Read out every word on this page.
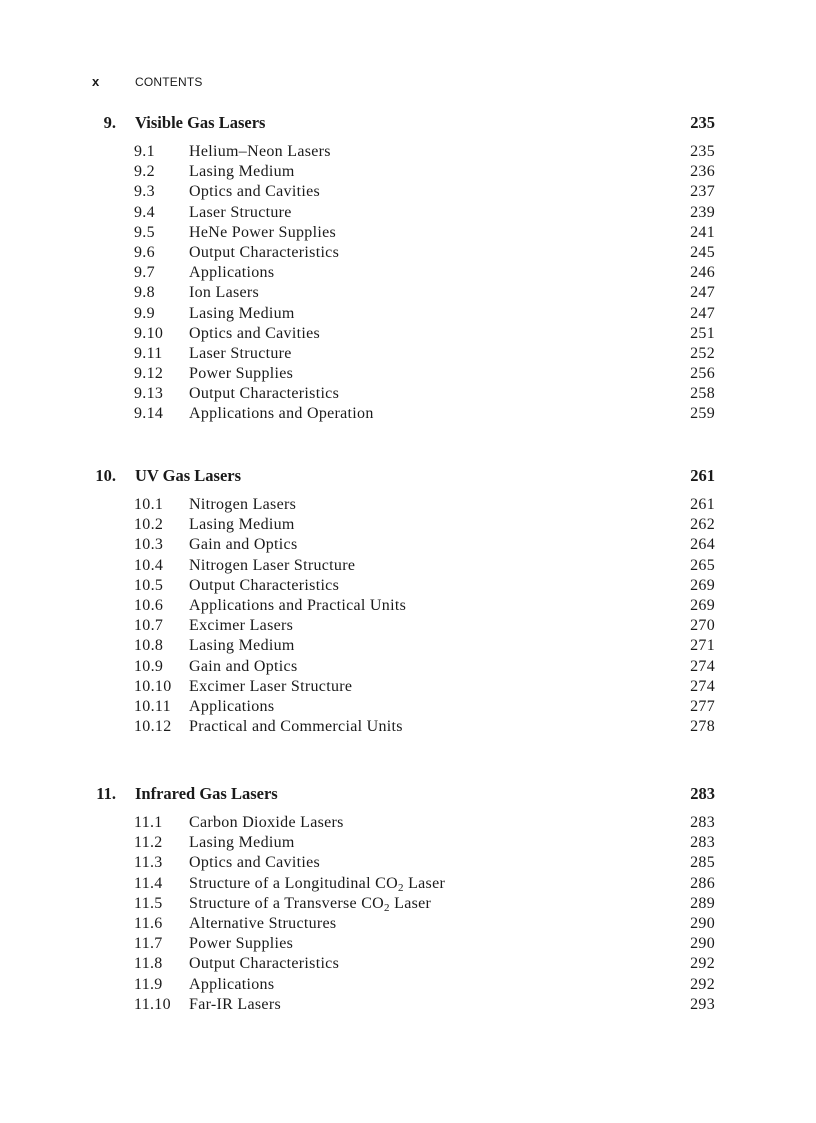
x	CONTENTS
9. Visible Gas Lasers	235
9.1 Helium–Neon Lasers	235
9.2 Lasing Medium	236
9.3 Optics and Cavities	237
9.4 Laser Structure	239
9.5 HeNe Power Supplies	241
9.6 Output Characteristics	245
9.7 Applications	246
9.8 Ion Lasers	247
9.9 Lasing Medium	247
9.10 Optics and Cavities	251
9.11 Laser Structure	252
9.12 Power Supplies	256
9.13 Output Characteristics	258
9.14 Applications and Operation	259
10. UV Gas Lasers	261
10.1 Nitrogen Lasers	261
10.2 Lasing Medium	262
10.3 Gain and Optics	264
10.4 Nitrogen Laser Structure	265
10.5 Output Characteristics	269
10.6 Applications and Practical Units	269
10.7 Excimer Lasers	270
10.8 Lasing Medium	271
10.9 Gain and Optics	274
10.10 Excimer Laser Structure	274
10.11 Applications	277
10.12 Practical and Commercial Units	278
11. Infrared Gas Lasers	283
11.1 Carbon Dioxide Lasers	283
11.2 Lasing Medium	283
11.3 Optics and Cavities	285
11.4 Structure of a Longitudinal $CO_2$ Laser	286
11.5 Structure of a Transverse $CO_2$ Laser	289
11.6 Alternative Structures	290
11.7 Power Supplies	290
11.8 Output Characteristics	292
11.9 Applications	292
11.10 Far-IR Lasers	293
